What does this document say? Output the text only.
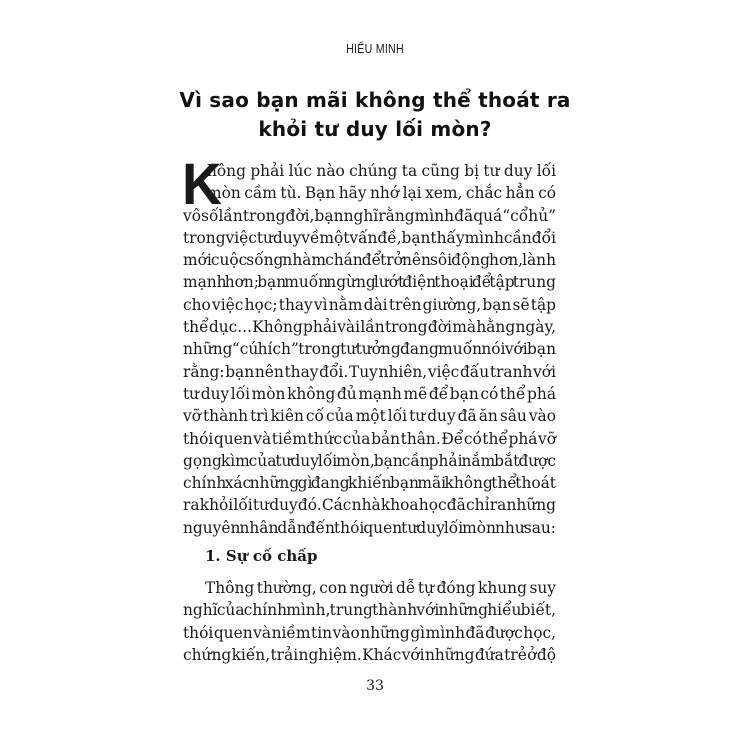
HIỂU MINH
Vì sao bạn mãi không thể thoát ra
khỏi tư duy lối mòn?
K
hông phải lúc nào chúng ta cũng bị tư duy lối
mòn cầm tù. Bạn hãy nhớ lại xem, chắc hẳn có
vô số lần trong đời, bạn nghĩ rằng mình đã quá “cổ hủ”
trong việc tư duy về một vấn đề, bạn thấy mình cần đổi
mới cuộc sống nhàm chán để trở nên sôi động hơn, lành
mạnh hơn; bạn muốn ngừng lướt điện thoại để tập trung
cho việc học; thay vì nằm dài trên giường, bạn sẽ tập
thể dục... Không phải vài lần trong đời mà hằng ngày,
những “cú hích” trong tư tưởng đang muốn nói với bạn
rằng: bạn nên thay đổi. Tuy nhiên, việc đấu tranh với
tư duy lối mòn không đủ mạnh mẽ để bạn có thể phá
vỡ thành trì kiên cố của một lối tư duy đã ăn sâu vào
thói quen và tiềm thức của bản thân. Để có thể phá vỡ
gọng kìm của tư duy lối mòn, bạn cần phải nắm bắt được
chính xác những gì đang khiến bạn mãi không thể thoát
ra khỏi lối tư duy đó. Các nhà khoa học đã chỉ ra những
nguyên nhân dẫn đến thói quen tư duy lối mòn như sau:
1. Sự cố chấp
Thông thường, con người dễ tự đóng khung suy
nghĩ của chính mình, trung thành với những hiểu biết,
thói quen và niềm tin vào những gì mình đã được học,
chứng kiến, trải nghiệm. Khác với những đứa trẻ ở độ
33
